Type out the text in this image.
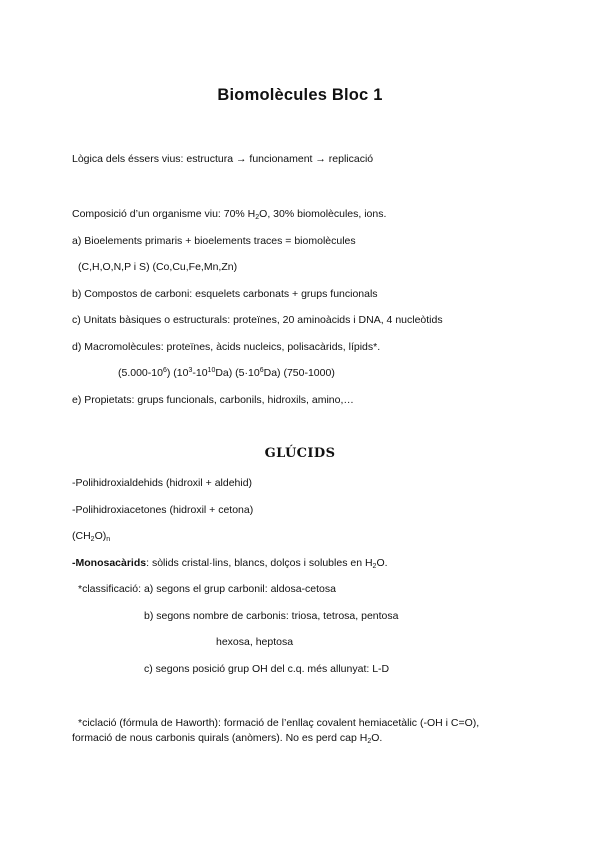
Biomolècules Bloc 1
Lògica dels éssers vius: estructura → funcionament → replicació
Composició d’un organisme viu: 70% $H_2O$, 30% biomolècules, ions.
a) Bioelements primaris + bioelements traces = biomolècules
(C,H,O,N,P i S) (Co,Cu,Fe,Mn,Zn)
b) Compostos de carboni: esquelets carbonats + grups funcionals
c) Unitats bàsiques o estructurals: proteïnes, 20 aminoàcids i DNA, 4 nucleòtids
d) Macromolècules: proteïnes, àcids nucleics, polisacàrids, lípids*.
$(5.000-10^6)$ $(10^3-10^{10}Da)$ $(5\cdot 10^6Da)$ (750-1000)
e) Propietats: grups funcionals, carbonils, hidroxils, amino,…
GLÚCIDS
-Polihidroxialdehids (hidroxil + aldehid)
-Polihidroxiacetones (hidroxil + cetona)
$(CH_2O)_n$
-Monosacàrids: sòlids cristal·lins, blancs, dolços i solubles en $H_2O$.
*classificació: a) segons el grup carbonil: aldosa-cetosa
b) segons nombre de carbonis: triosa, tetrosa, pentosa
hexosa, heptosa
c) segons posició grup OH del c.q. més allunyat: L-D
*ciclació (fórmula de Haworth): formació de l’enllaç covalent hemiacetàlic (-OH i C=O),
formació de nous carbonis quirals (anòmers). No es perd cap $H_2O$.
